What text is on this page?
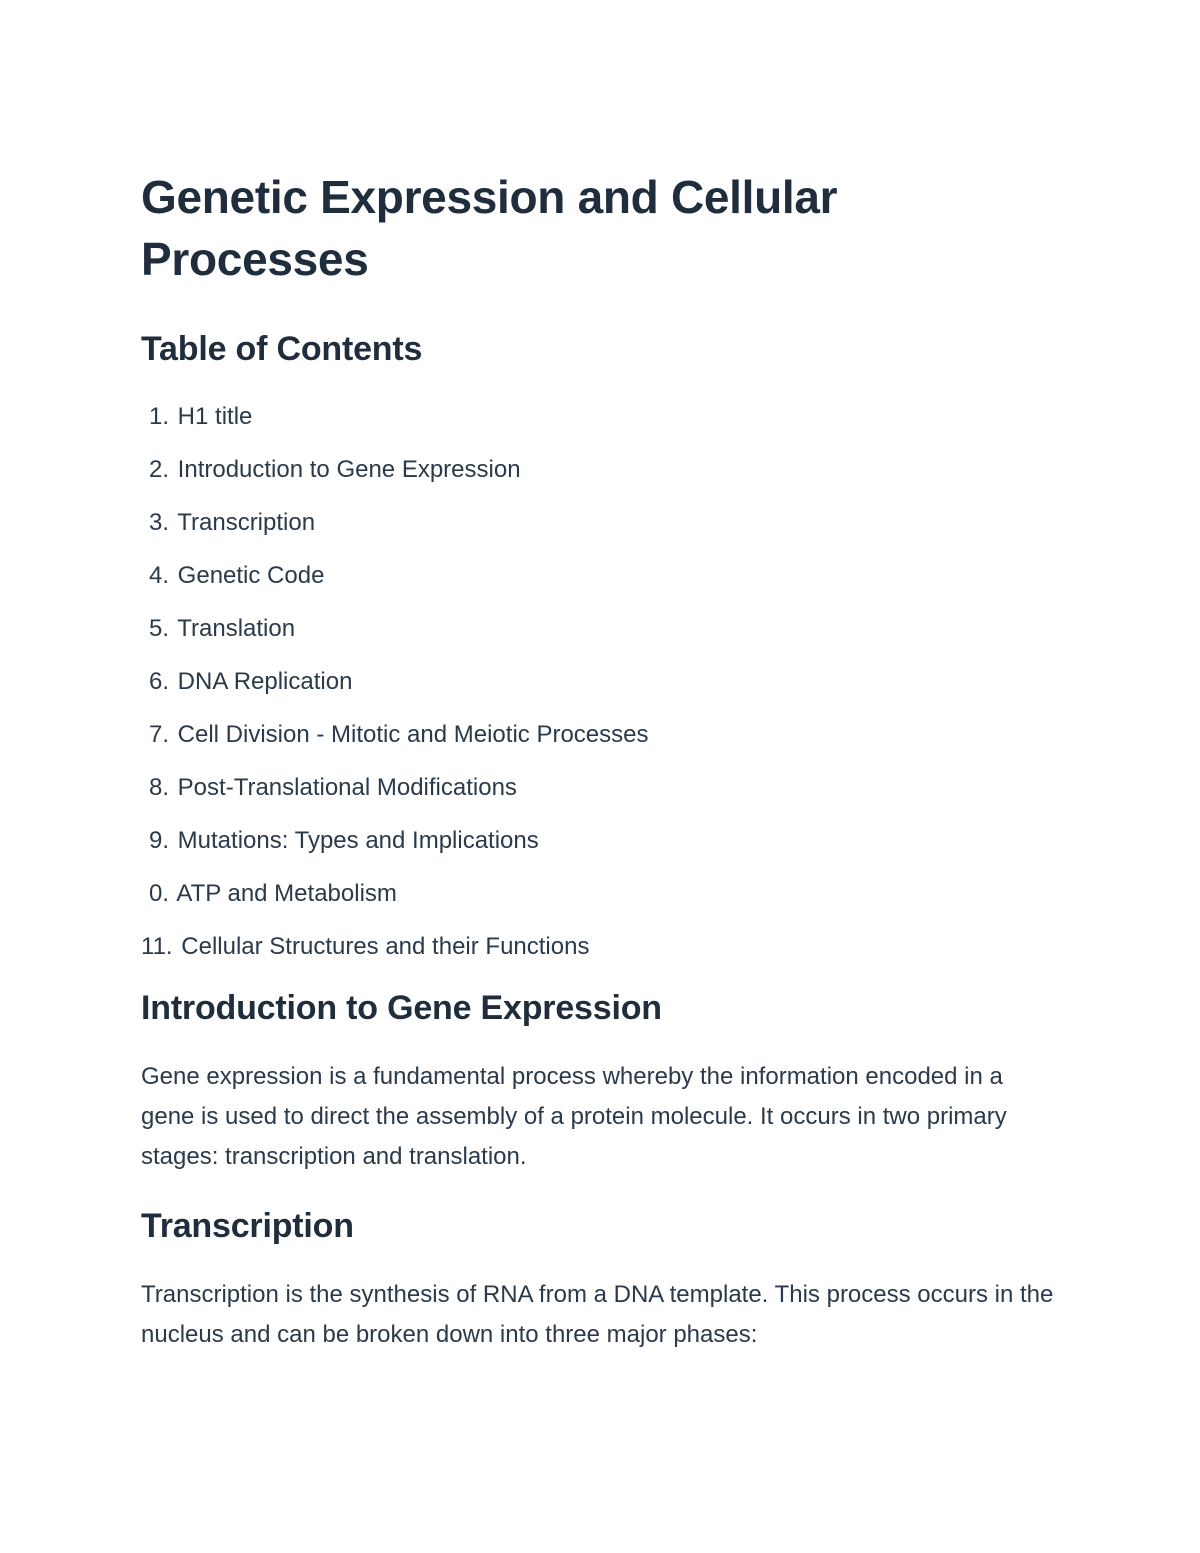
Genetic Expression and Cellular Processes
Table of Contents
1. H1 title
2. Introduction to Gene Expression
3. Transcription
4. Genetic Code
5. Translation
6. DNA Replication
7. Cell Division - Mitotic and Meiotic Processes
8. Post-Translational Modifications
9. Mutations: Types and Implications
0. ATP and Metabolism
11. Cellular Structures and their Functions
Introduction to Gene Expression

Gene expression is a fundamental process whereby the information encoded in a gene is used to direct the assembly of a protein molecule. It occurs in two primary stages: transcription and translation.

Transcription

Transcription is the synthesis of RNA from a DNA template. This process occurs in the nucleus and can be broken down into three major phases:
